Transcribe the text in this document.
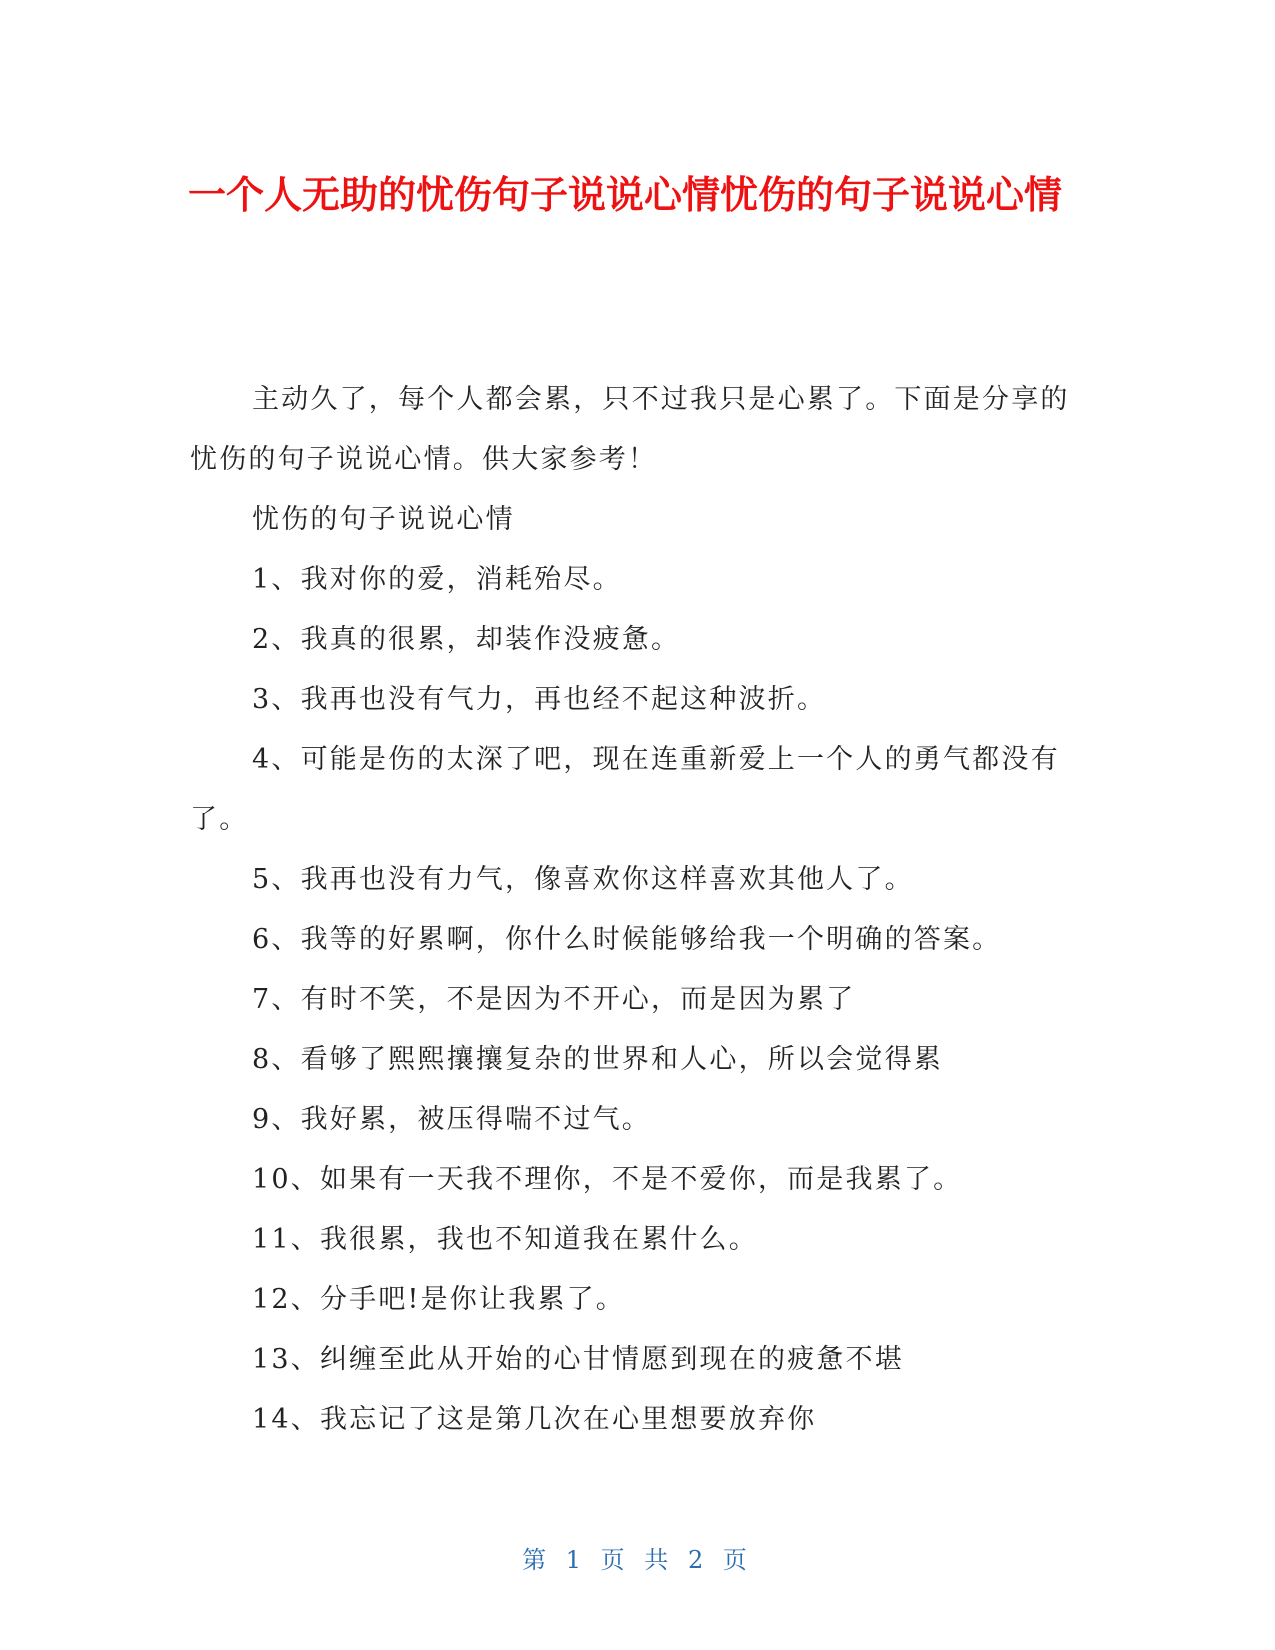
一个人无助的忧伤句子说说心情忧伤的句子说说心情

主动久了，每个人都会累，只不过我只是心累了。下面是分享的忧伤的句子说说心情。供大家参考！

忧伤的句子说说心情

1、我对你的爱，消耗殆尽。

2、我真的很累，却装作没疲惫。

3、我再也没有气力，再也经不起这种波折。

4、可能是伤的太深了吧，现在连重新爱上一个人的勇气都没有了。

5、我再也没有力气，像喜欢你这样喜欢其他人了。

6、我等的好累啊，你什么时候能够给我一个明确的答案。

7、有时不笑，不是因为不开心，而是因为累了

8、看够了熙熙攘攘复杂的世界和人心，所以会觉得累

9、我好累，被压得喘不过气。

10、如果有一天我不理你，不是不爱你，而是我累了。

11、我很累，我也不知道我在累什么。

12、分手吧!是你让我累了。

13、纠缠至此从开始的心甘情愿到现在的疲惫不堪

14、我忘记了这是第几次在心里想要放弃你

第 1 页 共 2 页
